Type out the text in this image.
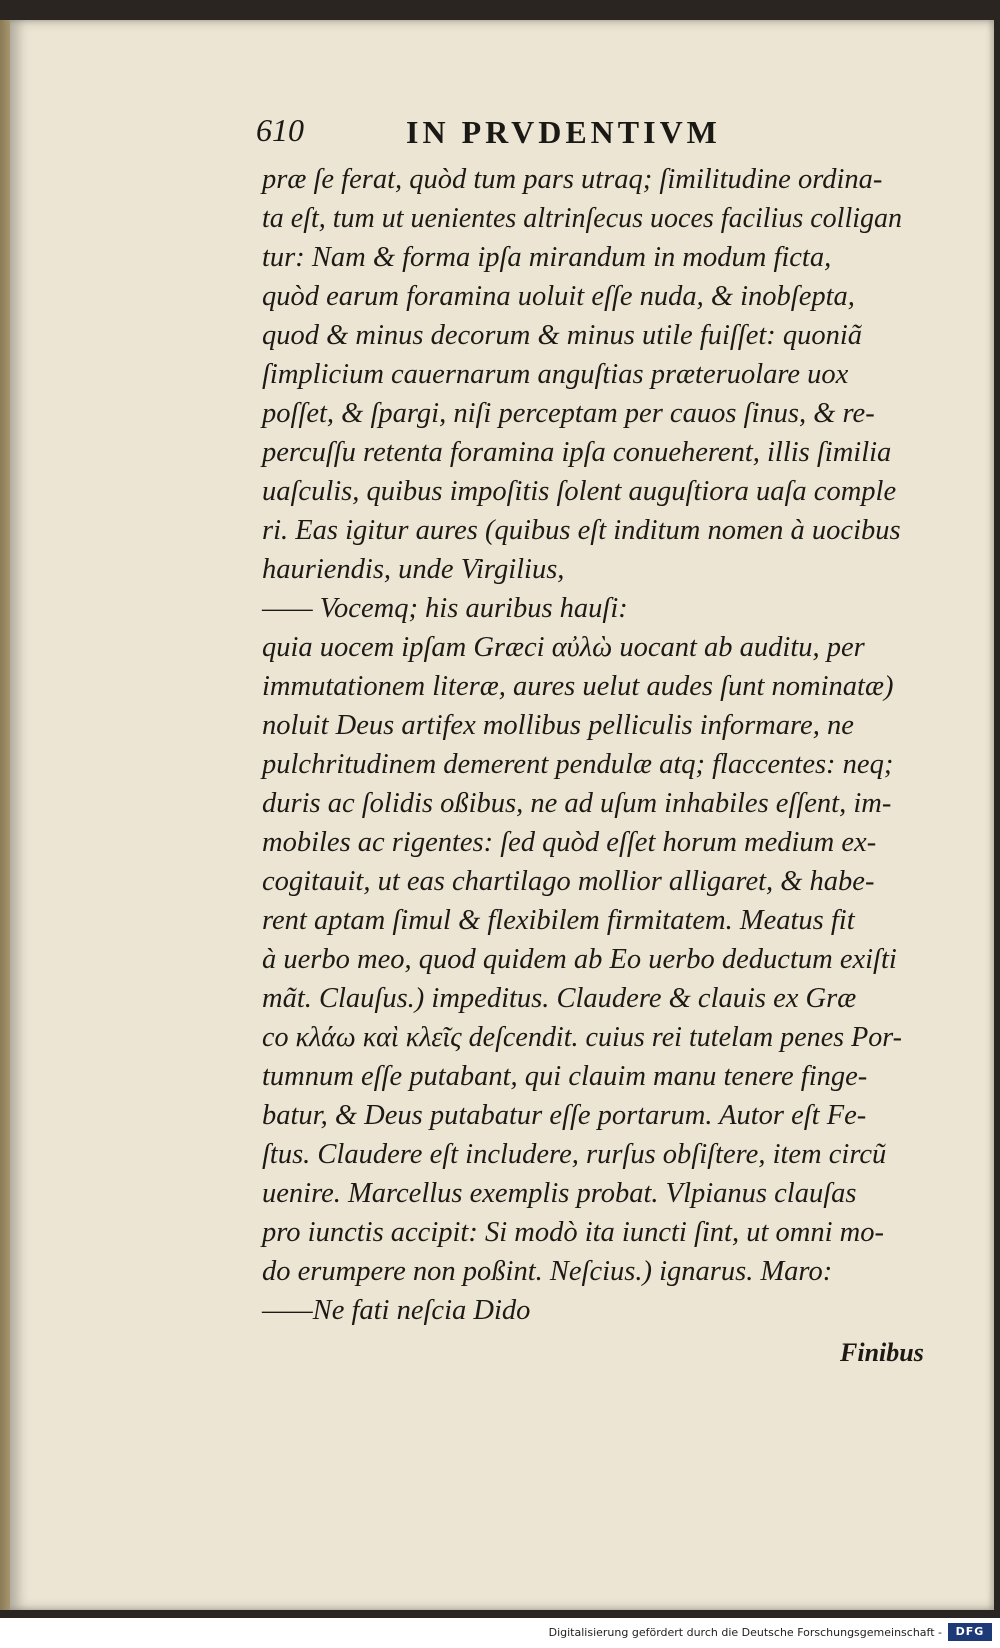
610	IN PRVDENTIVM
præ ſe ferat, quòd tum pars utraq; ſimilitudine ordina-
ta eſt, tum ut uenientes altrinſecus uoces facilius colligan
tur: Nam & forma ipſa mirandum in modum ficta,
quòd earum foramina uoluit eſſe nuda, & inobſepta,
quod & minus decorum & minus utile fuiſſet: quoniã
ſimplicium cauernarum anguſtias præteruolare uox
poſſet, & ſpargi, niſi perceptam per cauos ſinus, & re-
percuſſu retenta foramina ipſa conueherent, illis ſimilia
uaſculis, quibus impoſitis ſolent auguſtiora uaſa comple
ri. Eas igitur aures (quibus eſt inditum nomen à uocibus
hauriendis, unde Virgilius,
—— Vocemq; his auribus hauſi:
quia uocem ipſam Græci αὐλὼ uocant ab auditu, per
immutationem literæ, aures uelut audes ſunt nominatæ)
noluit Deus artifex mollibus pelliculis informare, ne
pulchritudinem demerent pendulæ atq; flaccentes: neq;
duris ac ſolidis oßibus, ne ad uſum inhabiles eſſent, im-
mobiles ac rigentes: ſed quòd eſſet horum medium ex-
cogitauit, ut eas chartilago mollior alligaret, & habe-
rent aptam ſimul & flexibilem firmitatem. Meatus fit
à uerbo meo, quod quidem ab Eo uerbo deductum exiſti
mãt. Clauſus.) impeditus. Claudere & clauis ex Græ
co κλάω καὶ κλεῖς deſcendit. cuius rei tutelam penes Por-
tumnum eſſe putabant, qui clauim manu tenere finge-
batur, & Deus putabatur eſſe portarum. Autor eſt Fe-
ſtus. Claudere eſt includere, rurſus obſiſtere, item circũ
uenire. Marcellus exemplis probat. Vlpianus clauſas
pro iunctis accipit: Si modò ita iuncti ſint, ut omni mo-
do erumpere non poßint. Neſcius.) ignarus. Maro:
——Ne fati neſcia Dido
Finibus
Digitalisierung gefördert durch die Deutsche Forschungsgemeinschaft -	DFG
